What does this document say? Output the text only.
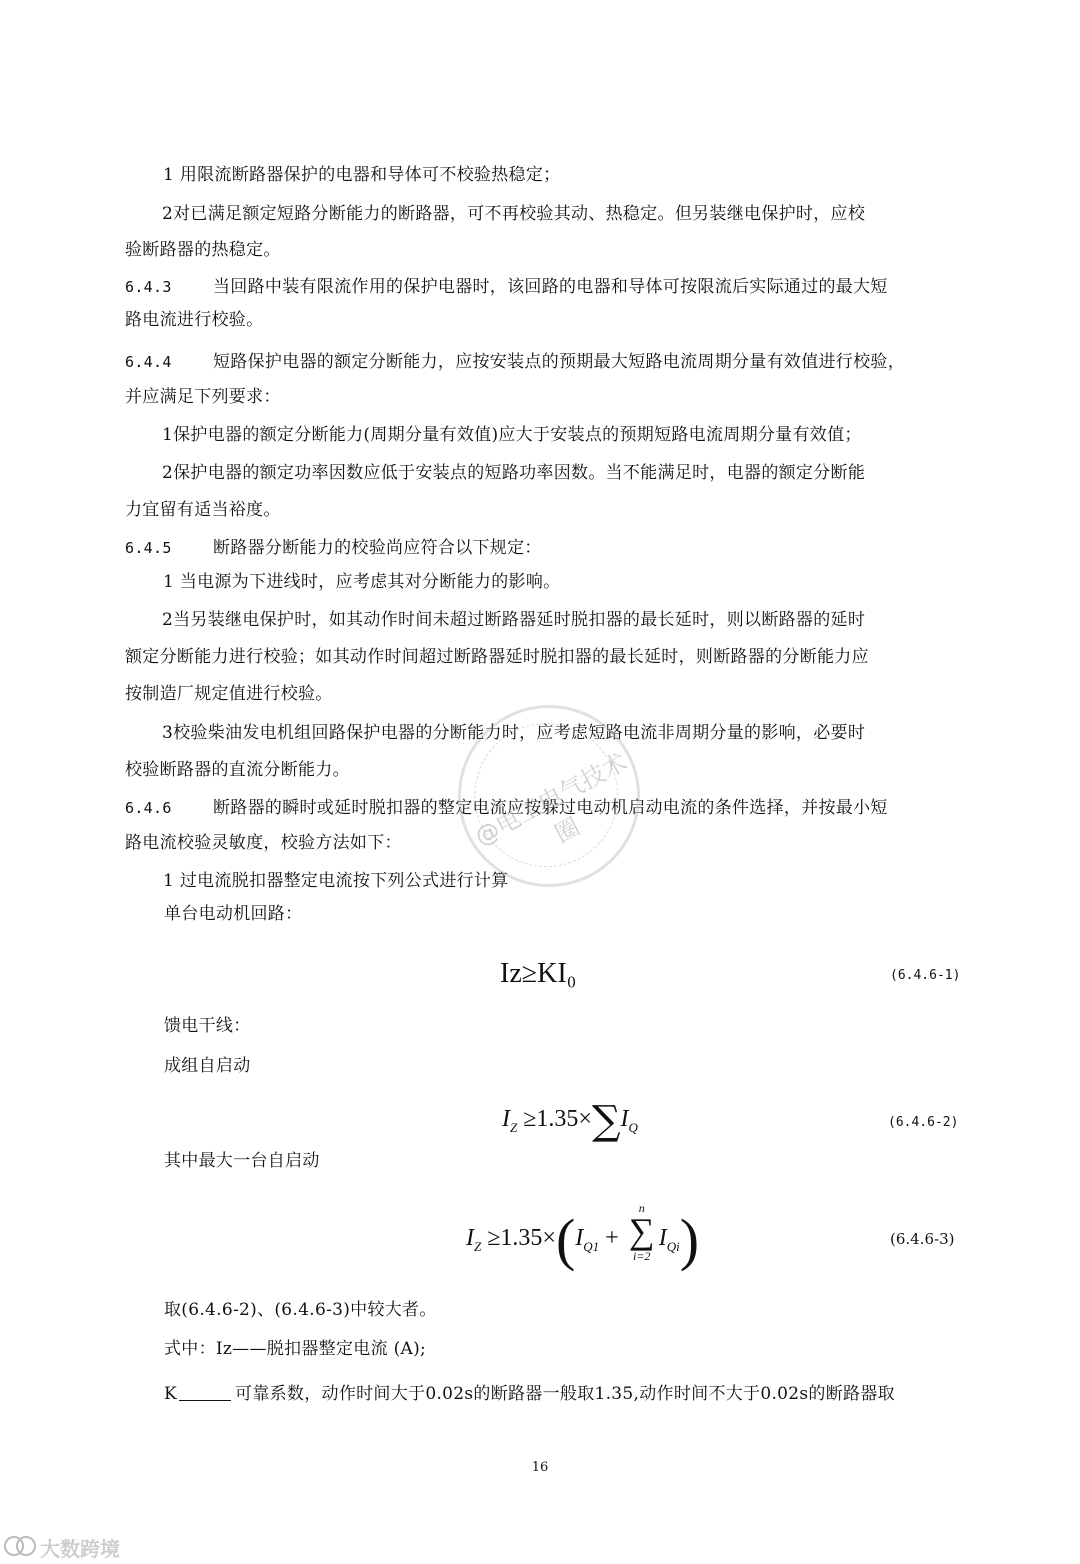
1 用限流断路器保护的电器和导体可不校验热稳定；
2对已满足额定短路分断能力的断路器，可不再校验其动、热稳定。但另装继电保护时，应校
验断路器的热稳定。
6.4.3 当回路中装有限流作用的保护电器时，该回路的电器和导体可按限流后实际通过的最大短
路电流进行校验。
6.4.4 短路保护电器的额定分断能力，应按安装点的预期最大短路电流周期分量有效值进行校验，
并应满足下列要求：
1保护电器的额定分断能力(周期分量有效值)应大于安装点的预期短路电流周期分量有效值；
2保护电器的额定功率因数应低于安装点的短路功率因数。当不能满足时，电器的额定分断能
力宜留有适当裕度。
6.4.5 断路器分断能力的校验尚应符合以下规定：
1 当电源为下进线时，应考虑其对分断能力的影响。
2当另装继电保护时，如其动作时间未超过断路器延时脱扣器的最长延时，则以断路器的延时
额定分断能力进行校验；如其动作时间超过断路器延时脱扣器的最长延时，则断路器的分断能力应
按制造厂规定值进行校验。
3校验柴油发电机组回路保护电器的分断能力时，应考虑短路电流非周期分量的影响，必要时
校验断路器的直流分断能力。
6.4.6 断路器的瞬时或延时脱扣器的整定电流应按躲过电动机启动电流的条件选择，并按最小短
路电流校验灵敏度，校验方法如下：
1 过电流脱扣器整定电流按下列公式进行计算
单台电动机回路：
Iz≥KI₀	(6.4.6-1)
馈电干线：
成组自启动
$I_Z \ge 1.35\times\sum I_Q$	(6.4.6-2)
其中最大一台自启动
$I_Z \ge 1.35\times(I_{Q1}$ +
n
∑
i=2
$I_{Qi}$)	(6.4.6-3)
取(6.4.6-2)、(6.4.6-3)中较大者。
式中：Iz——脱扣器整定电流 (A);
K	可靠系数，动作时间大于0.02s的断路器一般取1.35,动作时间不大于0.02s的断路器取
@电工电气技术圈
16
大数跨境
